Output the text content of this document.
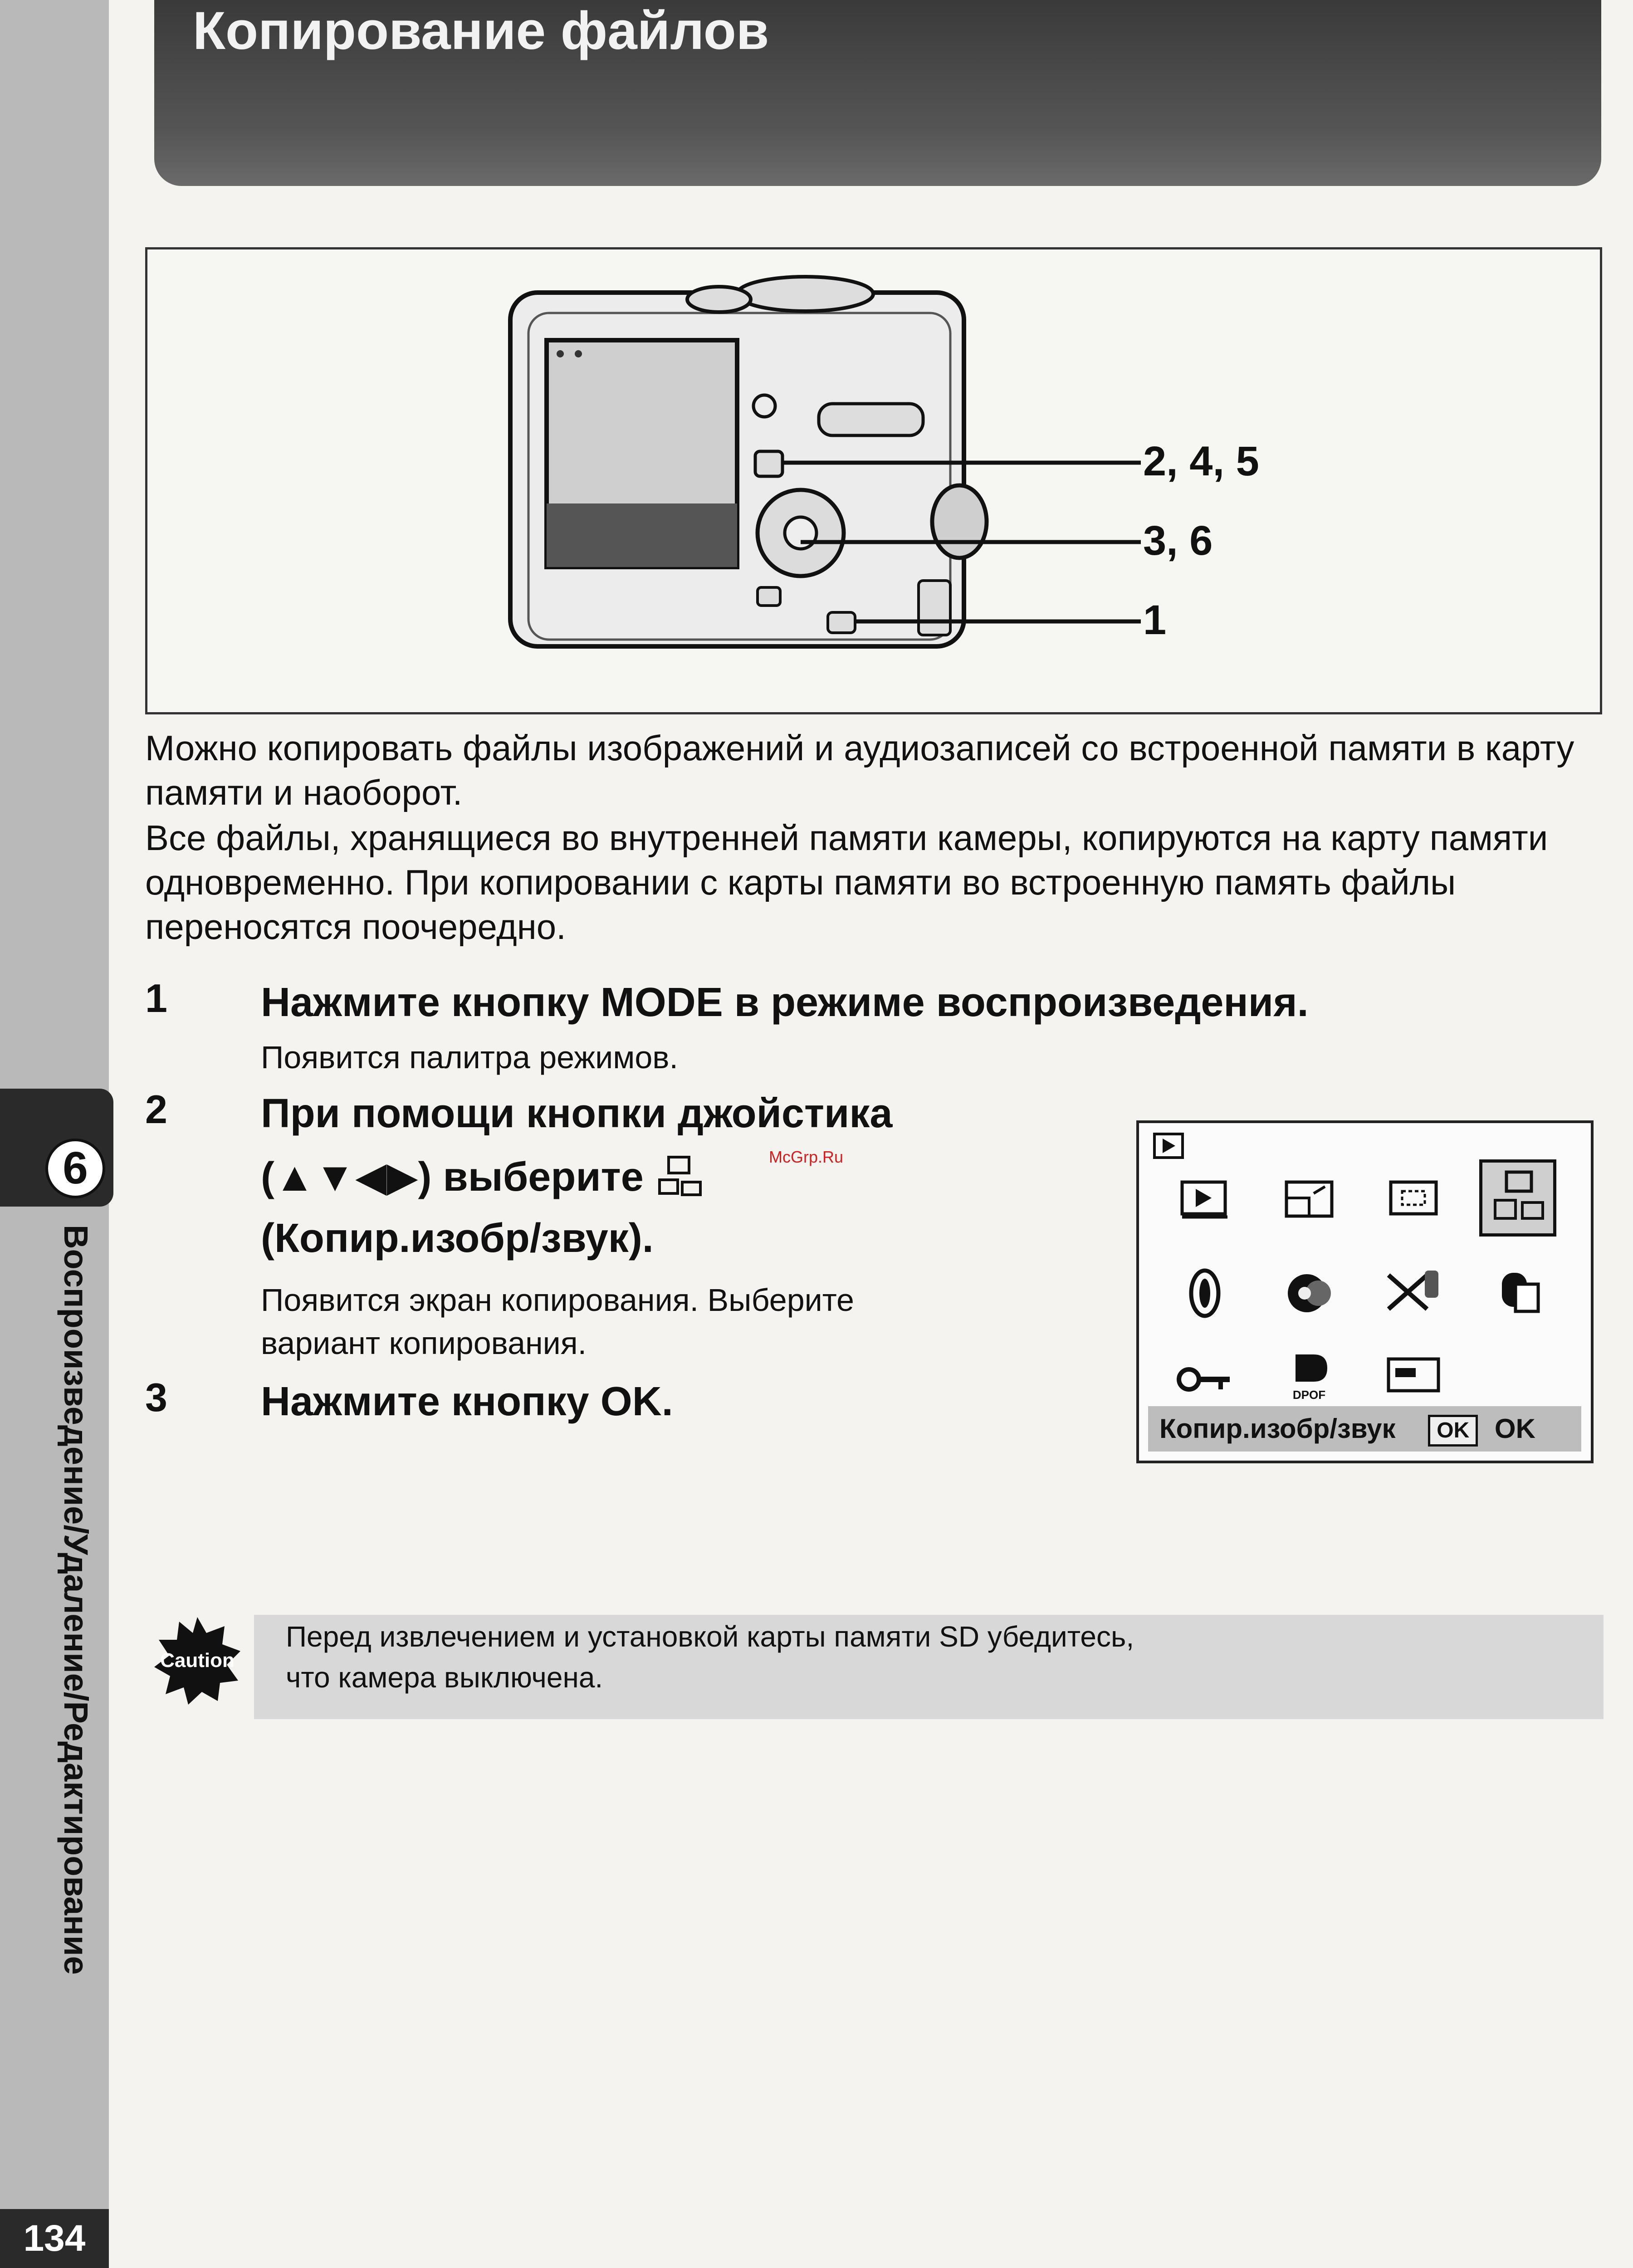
6
Воспроизведение/Удаление/Редактирование
134
Копирование файлов
2, 4, 5
3, 6
1

Можно копировать файлы изображений и аудиозаписей со встроенной памяти в карту памяти и наоборот.

Все файлы, хранящиеся во внутренней памяти камеры, копируются на карту памяти одновременно. При копировании с карты памяти во встроенную память файлы переносятся поочередно.

1 Нажмите кнопку MODE в режиме воспроизведения.
Появится палитра режимов.
2 При помощи кнопки джойстика
(▲▼◀▶) выберите
(Копир.изобр/звук).
Появится экран копирования. Выберите
вариант копирования.
3 Нажмите кнопку OK.	DPOF
Копир.изобр/звук OK OK
Caution
Перед извлечением и установкой карты памяти SD убедитесь,
что камера выключена.
McGrp.Ru
